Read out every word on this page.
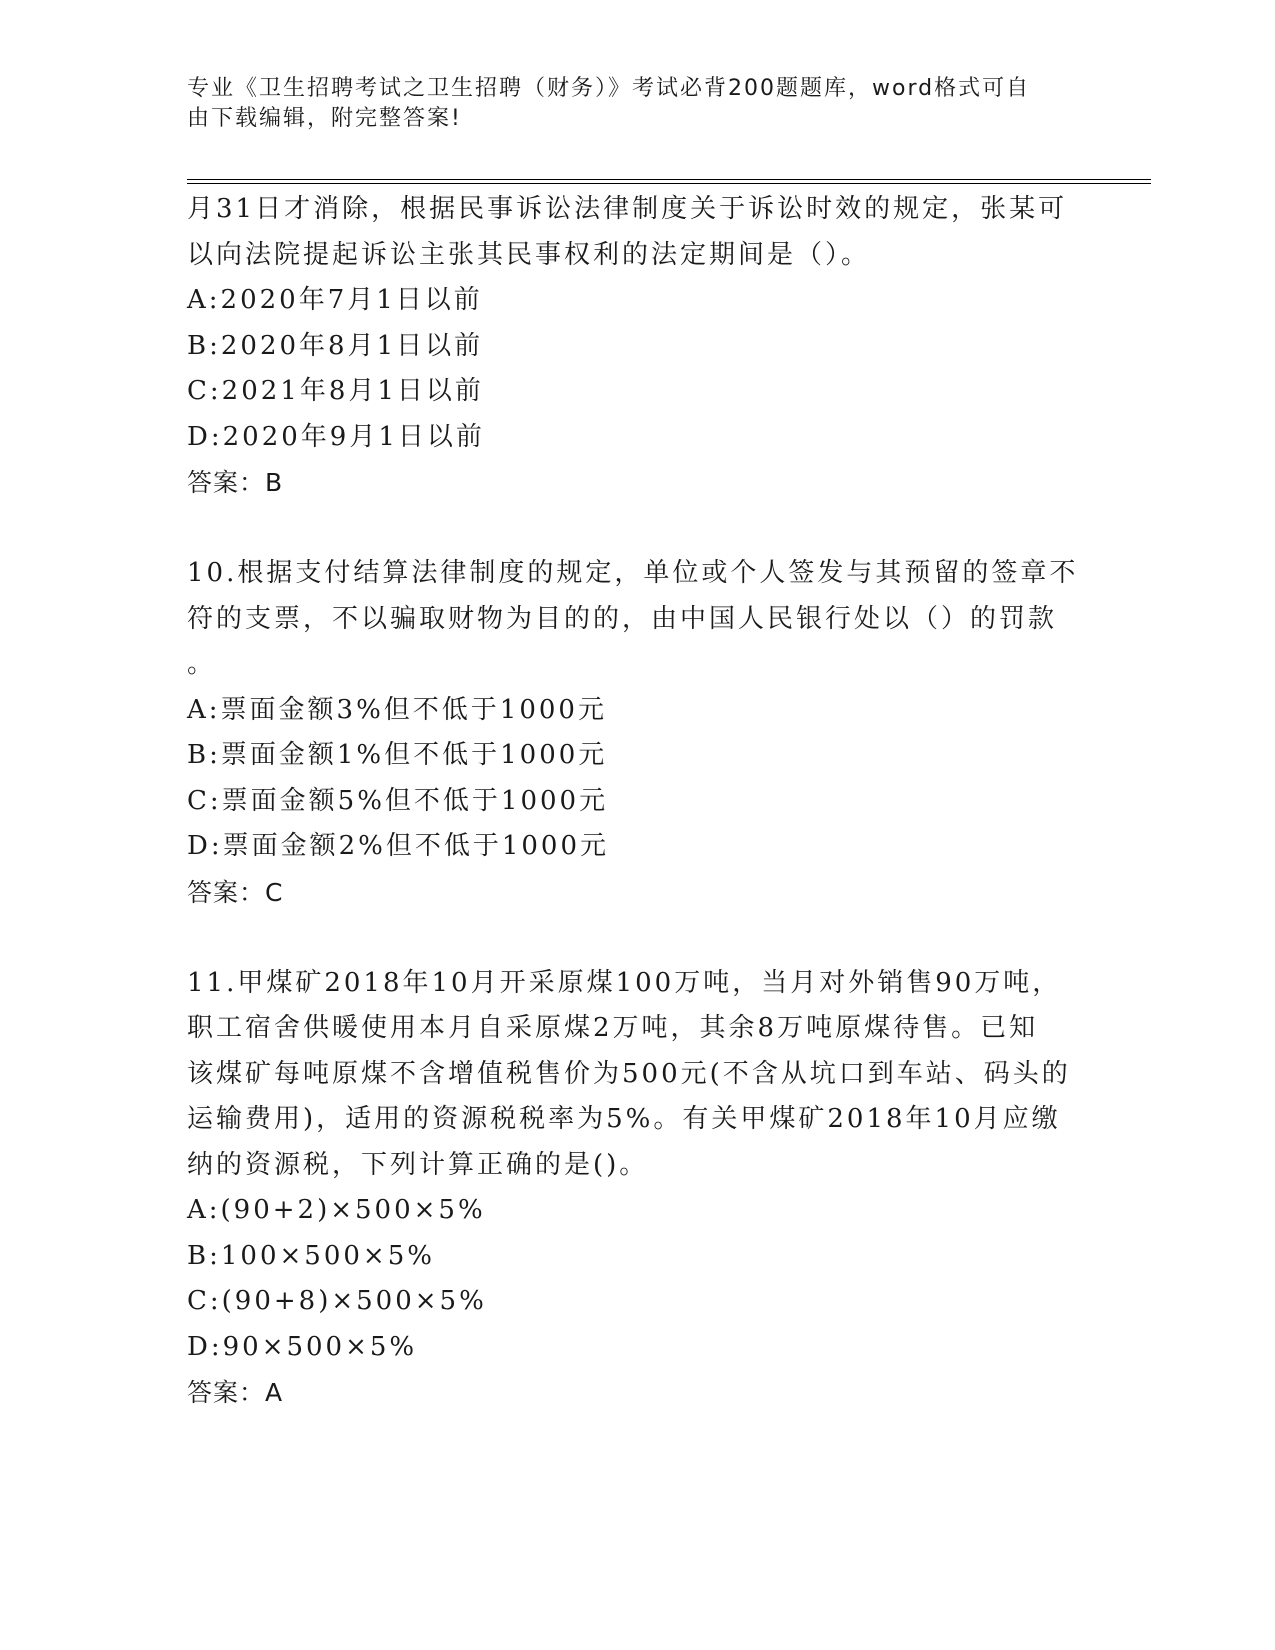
专业《卫生招聘考试之卫生招聘（财务）》考试必背200题题库，word格式可自
由下载编辑，附完整答案!
月31日才消除，根据民事诉讼法律制度关于诉讼时效的规定，张某可
以向法院提起诉讼主张其民事权利的法定期间是（）。
A:2020年7月1日以前
B:2020年8月1日以前
C:2021年8月1日以前
D:2020年9月1日以前
答案：B
10.根据支付结算法律制度的规定，单位或个人签发与其预留的签章不
符的支票，不以骗取财物为目的的，由中国人民银行处以（）的罚款
。
A:票面金额3%但不低于1000元
B:票面金额1%但不低于1000元
C:票面金额5%但不低于1000元
D:票面金额2%但不低于1000元
答案：C
11.甲煤矿2018年10月开采原煤100万吨，当月对外销售90万吨，
职工宿舍供暖使用本月自采原煤2万吨，其余8万吨原煤待售。已知
该煤矿每吨原煤不含增值税售价为500元(不含从坑口到车站、码头的
运输费用)，适用的资源税税率为5%。有关甲煤矿2018年10月应缴
纳的资源税，下列计算正确的是()。
A:(90+2)×500×5%
B:100×500×5%
C:(90+8)×500×5%
D:90×500×5%
答案：A
